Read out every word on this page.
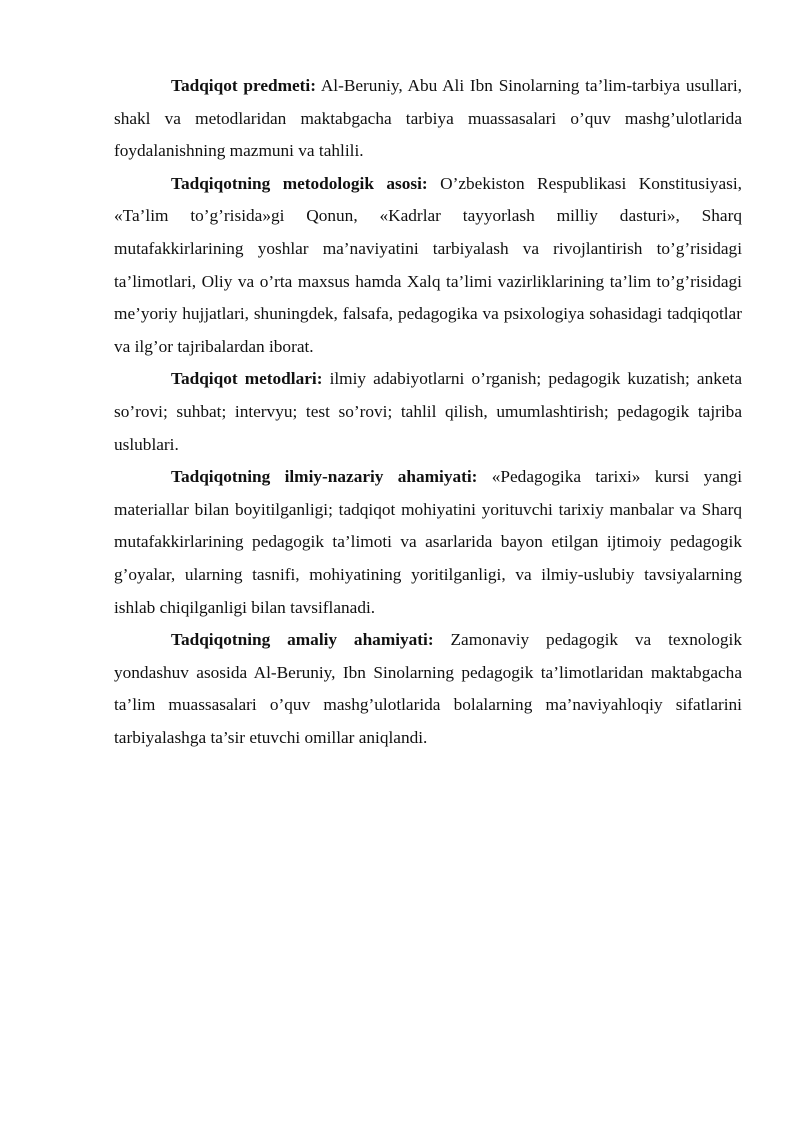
Tadqiqot predmeti: Al-Beruniy, Abu Ali Ibn Sinolarning ta’lim-tarbiya usullari, shakl va metodlaridan maktabgacha tarbiya muassasalari o’quv mashg’ulotlarida foydalanishning mazmuni va tahlili.

Tadqiqotning metodologik asosi: O’zbekiston Respublikasi Konstitusiyasi, «Ta’lim to’g’risida»gi Qonun, «Kadrlar tayyorlash milliy dasturi», Sharq mutafakkirlarining yoshlar ma’naviyatini tarbiyalash va rivojlantirish to’g’risidagi ta’limotlari, Oliy va o’rta maxsus hamda Xalq ta’limi vazirliklarining ta’lim to’g’risidagi me’yoriy hujjatlari, shuningdek, falsafa, pedagogika va psixologiya sohasidagi tadqiqotlar va ilg’or tajribalardan iborat.

Tadqiqot metodlari: ilmiy adabiyotlarni o’rganish; pedagogik kuzatish; anketa so’rovi; suhbat; intervyu; test so’rovi; tahlil qilish, umumlashtirish; pedagogik tajriba uslublari.

Tadqiqotning ilmiy-nazariy ahamiyati: «Pedagogika tarixi» kursi yangi materiallar bilan boyitilganligi; tadqiqot mohiyatini yorituvchi tarixiy manbalar va Sharq mutafakkirlarining pedagogik ta’limoti va asarlarida bayon etilgan ijtimoiy pedagogik g’oyalar, ularning tasnifi, mohiyatining yoritilganligi, va ilmiy-uslubiy tavsiyalarning ishlab chiqilganligi bilan tavsiflanadi.

Tadqiqotning amaliy ahamiyati: Zamonaviy pedagogik va texnologik yondashuv asosida Al-Beruniy, Ibn Sinolarning pedagogik ta’limotlaridan maktabgacha ta’lim muassasalari o’quv mashg’ulotlarida bolalarning ma’naviyahloqiy sifatlarini tarbiyalashga ta’sir etuvchi omillar aniqlandi.
